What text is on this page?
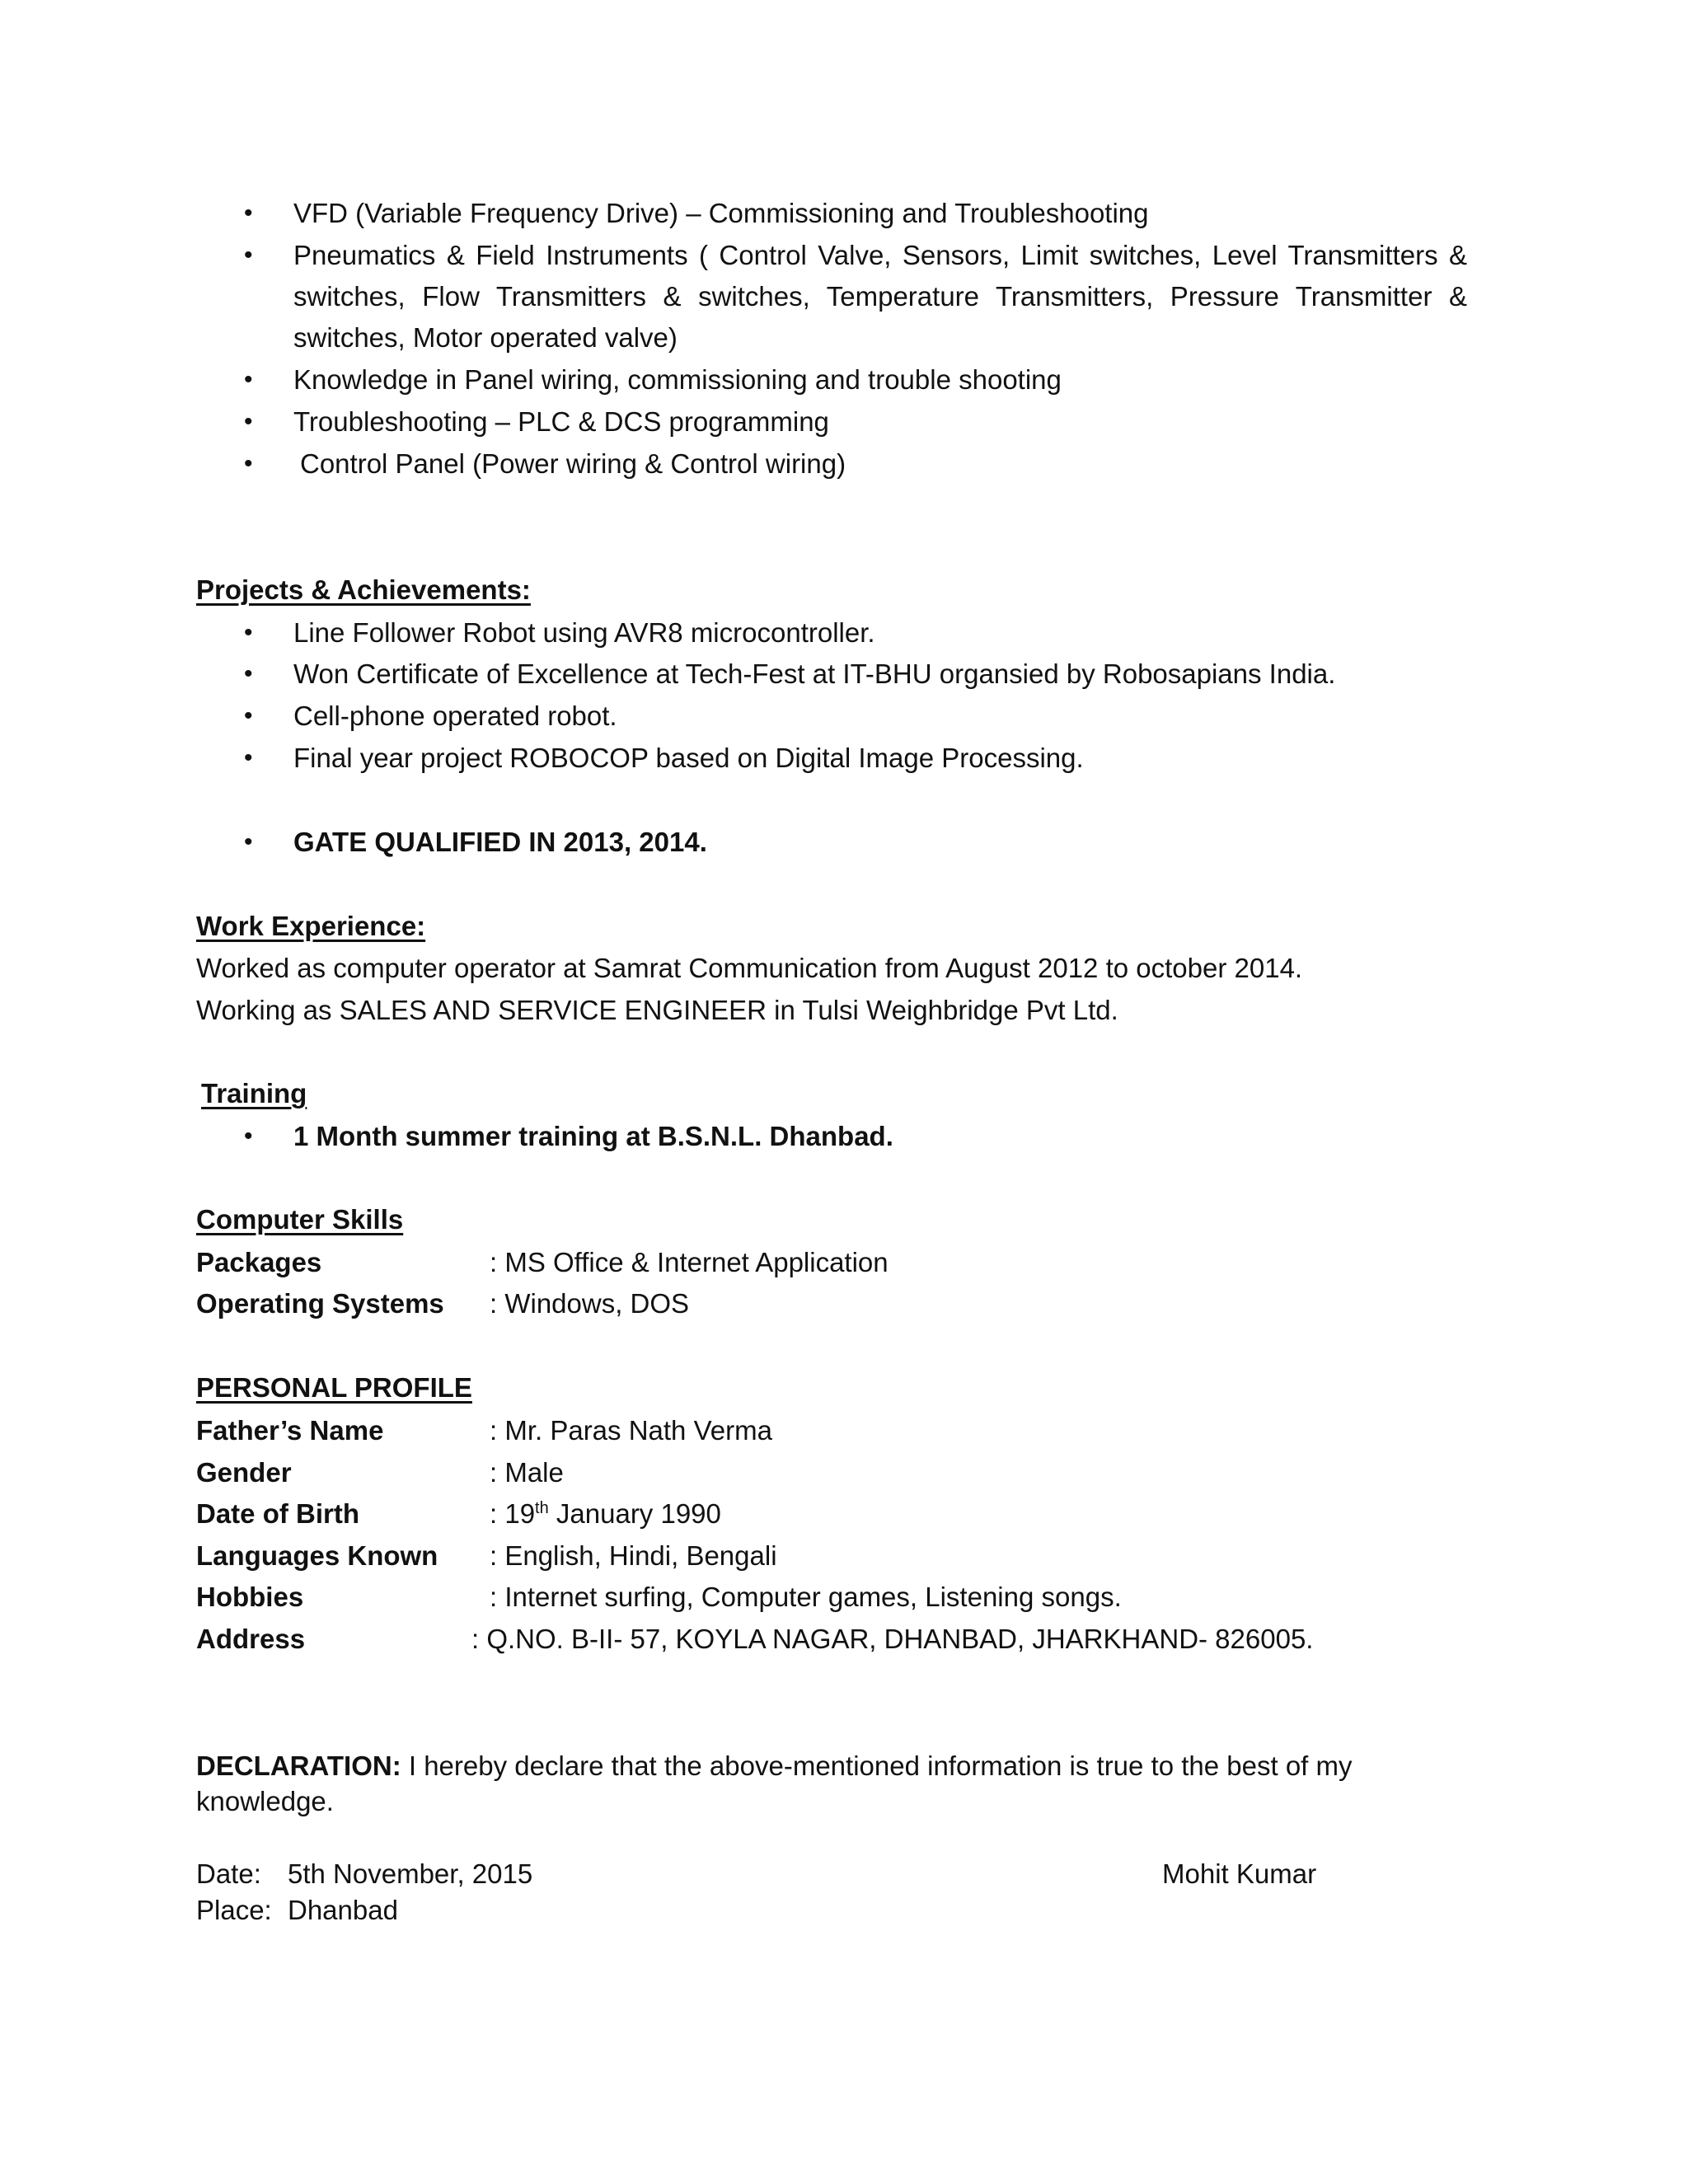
• VFD (Variable Frequency Drive) – Commissioning and Troubleshooting
• Pneumatics & Field Instruments ( Control Valve, Sensors, Limit switches, Level Transmitters &
switches, Flow Transmitters & switches, Temperature Transmitters, Pressure Transmitter &
switches, Motor operated valve)
• Knowledge in Panel wiring, commissioning and trouble shooting
• Troubleshooting – PLC & DCS programming
• Control Panel (Power wiring & Control wiring)
Projects & Achievements:
• Line Follower Robot using AVR8 microcontroller.
• Won Certificate of Excellence at Tech-Fest at IT-BHU organsied by Robosapians India.
• Cell-phone operated robot.
• Final year project ROBOCOP based on Digital Image Processing.
• GATE QUALIFIED IN 2013, 2014.
Work Experience:
Worked as computer operator at Samrat Communication from August 2012 to october 2014.
Working as SALES AND SERVICE ENGINEER in Tulsi Weighbridge Pvt Ltd.
Training
• 1 Month summer training at B.S.N.L. Dhanbad.
Computer Skills
Packages	: MS Office & Internet Application
Operating Systems : Windows, DOS
PERSONAL PROFILE
Father’s Name	: Mr. Paras Nath Verma
Gender	: Male
Date of Birth	: 19th January 1990
Languages Known : English, Hindi, Bengali
Hobbies	: Internet surfing, Computer games, Listening songs.
Address	: Q.NO. B-II- 57, KOYLA NAGAR, DHANBAD, JHARKHAND- 826005.
DECLARATION: I hereby declare that the above-mentioned information is true to the best of my
knowledge.
Date: 5th November, 2015
Place: Dhanbad
Mohit Kumar
